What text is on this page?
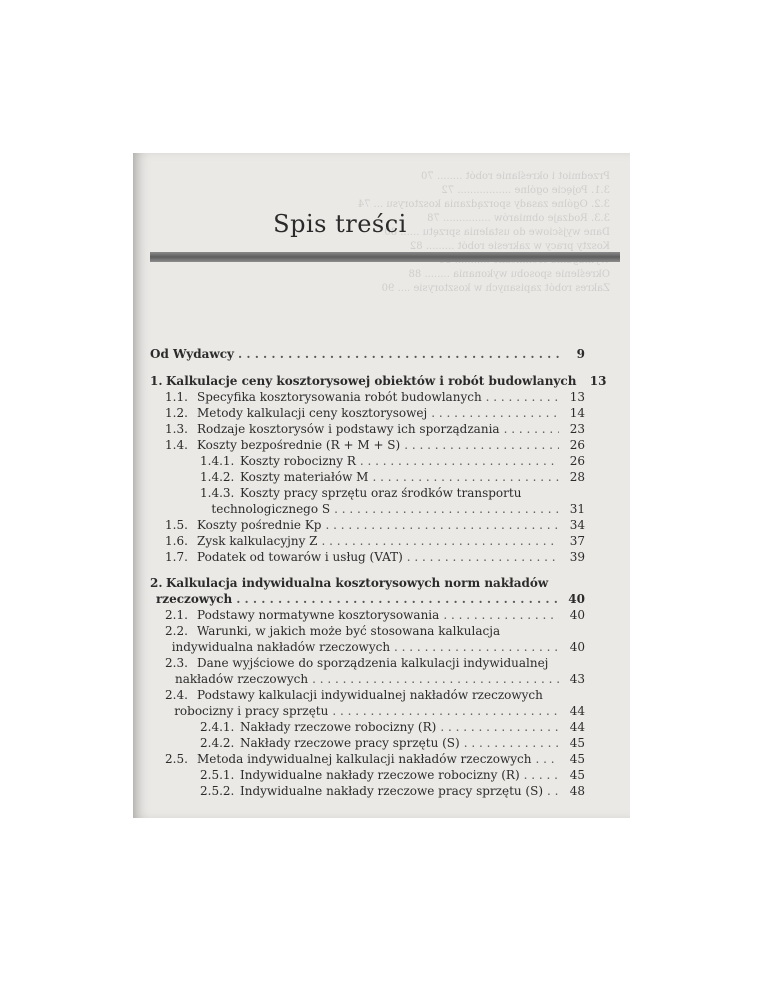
Przedmiot i określanie robót ........ 70
3.1. Pojęcie ogólne ................. 72
3.2. Ogólne zasady sporządzania kosztorysu ... 74
3.3. Rodzaje obmiarów ............... 78
Dane wyjściowe do ustalenia sprzętu ...... 80
Koszty pracy w zakresie robót ......... 82
Określenie sposobu wykonania ........ 88
Zakres robót zapisanych w kosztorysie .... 90
Spis treści
Od Wydawcy . . .	9
1. Kalkulacje ceny kosztorysowej obiektów i robót budowlanych	13
1.1. Specyfika kosztorysowania robót budowlanych . . .	13
1.2. Metody kalkulacji ceny kosztorysowej . . .	14
1.3. Rodzaje kosztorysów i podstawy ich sporządzania . . .	23
1.4. Koszty bezpośrednie (R + M + S) . . .	26
1.4.1. Koszty robocizny R . . .	26
1.4.2. Koszty materiałów M . . .	28
1.4.3. Koszty pracy sprzętu oraz środków transportu
technologicznego S . . .	31
1.5. Koszty pośrednie Kp . . .	34
1.6. Zysk kalkulacyjny Z . . .	37
1.7. Podatek od towarów i usług (VAT) . . .	39
2. Kalkulacja indywidualna kosztorysowych norm nakładów
rzeczowych . . .	40
2.1. Podstawy normatywne kosztorysowania . . .	40
2.2. Warunki, w jakich może być stosowana kalkulacja
indywidualna nakładów rzeczowych . . .	40
2.3. Dane wyjściowe do sporządzenia kalkulacji indywidualnej
nakładów rzeczowych . . .	43
2.4. Podstawy kalkulacji indywidualnej nakładów rzeczowych
robocizny i pracy sprzętu . . .	44
2.4.1. Nakłady rzeczowe robocizny (R) . . .	44
2.4.2. Nakłady rzeczowe pracy sprzętu (S) . . .	45
2.5. Metoda indywidualnej kalkulacji nakładów rzeczowych . . .	45
2.5.1. Indywidualne nakłady rzeczowe robocizny (R) . . .	45
2.5.2. Indywidualne nakłady rzeczowe pracy sprzętu (S) . . .	48
